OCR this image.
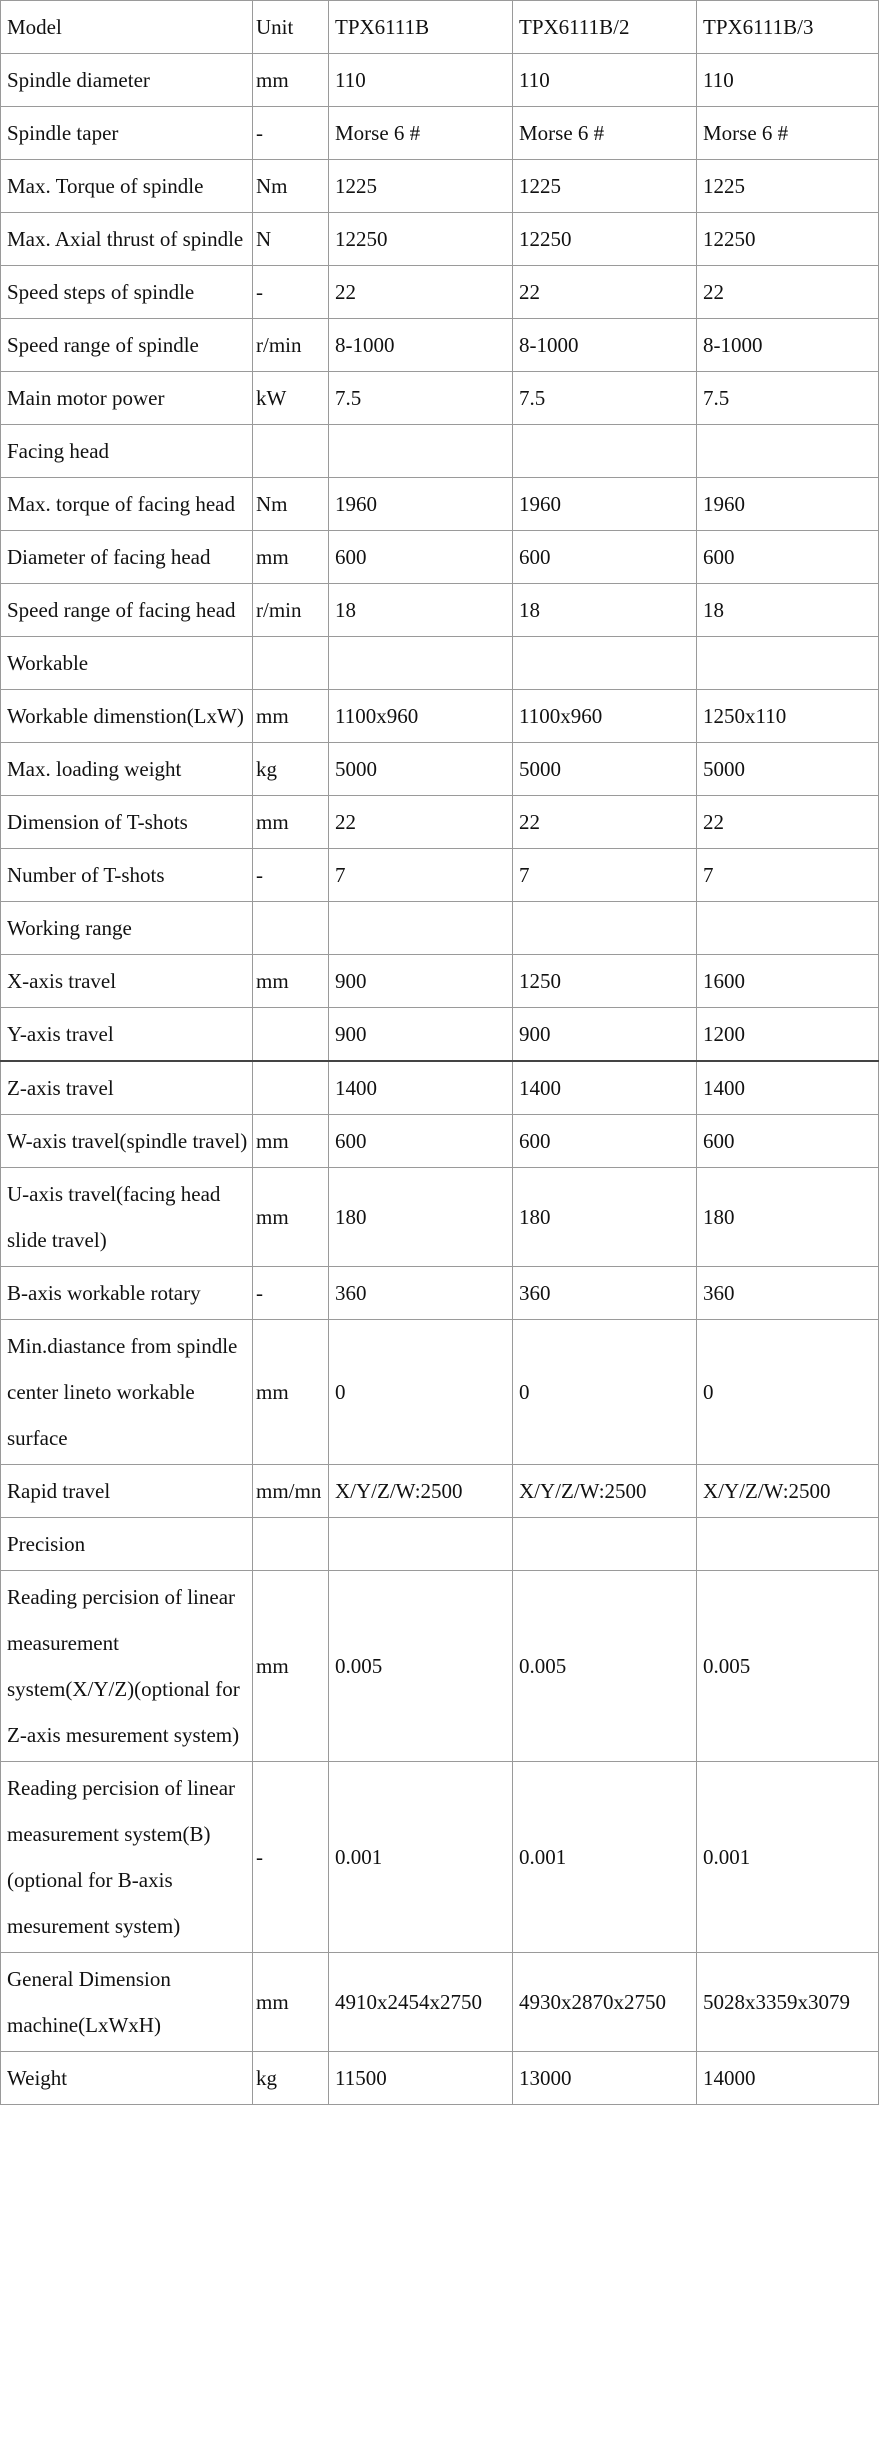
Model	Unit	TPX6111B	TPX6111B/2	TPX6111B/3
Spindle diameter	mm	110	110	110
Spindle taper	-	Morse 6 #	Morse 6 #	Morse 6 #
Max. Torque of spindle	Nm	1225	1225	1225
Max. Axial thrust of spindle	N	12250	12250	12250
Speed steps of spindle	-	22	22	22
Speed range of spindle	r/min	8-1000	8-1000	8-1000
Main motor power	kW	7.5	7.5	7.5
Facing head				
Max. torque of facing head	Nm	1960	1960	1960
Diameter of facing head	mm	600	600	600
Speed range of facing head	r/min	18	18	18
Workable				
Workable dimenstion(LxW)	mm	1100x960	1100x960	1250x110
Max. loading weight	kg	5000	5000	5000
Dimension of T-shots	mm	22	22	22
Number of T-shots	-	7	7	7
Working range				
X-axis travel	mm	900	1250	1600
Y-axis travel		900	900	1200
Z-axis travel		1400	1400	1400
W-axis travel(spindle travel)	mm	600	600	600
U-axis travel(facing head slide travel)	mm	180	180	180
B-axis workable rotary	-	360	360	360
Min.diastance from spindle center lineto workable surface	mm	0	0	0
Rapid travel	mm/mn	X/Y/Z/W:2500	X/Y/Z/W:2500	X/Y/Z/W:2500
Precision				
Reading percision of linear measurement system(X/Y/Z)(optional for Z-axis mesurement system)	mm	0.005	0.005	0.005
Reading percision of linear measurement system(B)(optional for B-axis mesurement system)	-	0.001	0.001	0.001
General Dimension machine(LxWxH)	mm	4910x2454x2750	4930x2870x2750	5028x3359x3079
Weight	kg	11500	13000	14000
